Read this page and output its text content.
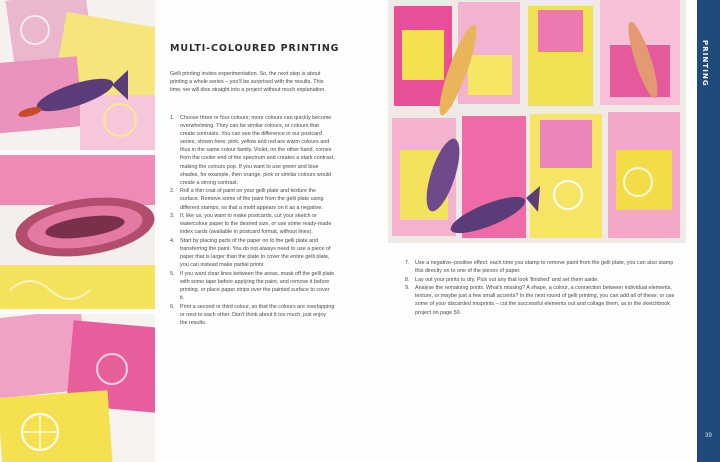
MULTI-COLOURED PRINTING

Gelli printing invites experimentation. So, the next step is about printing a whole series – you'll be surprised with the results. This time, we will dive straight into a project without much explanation.

1. Choose three or four colours; more colours can quickly become overwhelming. They can be similar colours, or colours that create contrasts. You can see the difference in our postcard series, shown here: pink, yellow and red are warm colours and thus in the same colour family. Violet, on the other hand, comes from the cooler end of the spectrum and creates a stark contrast, making the colours pop. If you want to use green and blue shades, for example, then orange, pink or similar colours would create a strong contrast.
2. Roll a thin coat of paint on your gelli plate and texture the surface. Remove some of the paint from the gelli plate using different stamps, so that a motif appears on it as a negative.
3. If, like us, you want to make postcards, cut your sketch or watercolour paper to the desired size, or use some ready-made index cards (available in postcard format, without lines).
4. Start by placing parts of the paper on to the gelli plate and transferring the paint. You do not always need to use a piece of paper that is larger than the plate to cover the entire gelli plate, you can instead make partial prints.
5. If you want clear lines between the areas, mask off the gelli plate with some tape before applying the paint, and remove it before printing, or place paper strips over the painted surface to cover it.
6. Print a second or third colour, so that the colours are overlapping or next to each other. Don't think about it too much, just enjoy the results.
7. Use a negative–positive effect: each time you stamp to remove paint from the gelli plate, you can also stamp this directly on to one of the pieces of paper.
8. Lay out your prints to dry. Pick out any that look 'finished' and set them aside.
9. Analyse the remaining prints. What's missing? A shape, a colour, a connection between individual elements, texture, or maybe just a few small accents? In the next round of gelli printing, you can add all of these; or use some of your discarded misprints – cut the successful elements out and collage them, as in the sketchbook project on page 50.
PRINTING
39
